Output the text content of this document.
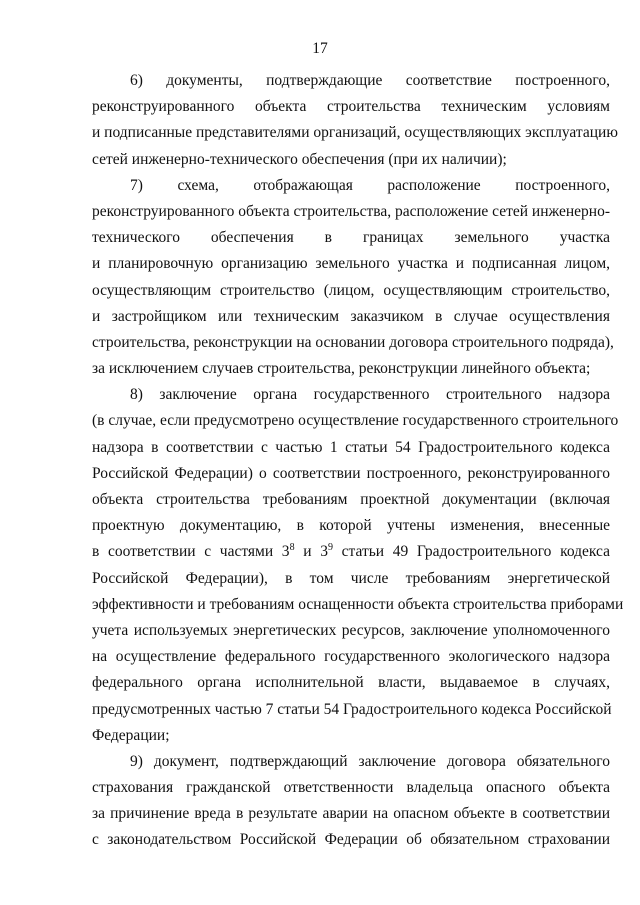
17
6) документы, подтверждающие соответствие построенного,
реконструированного объекта строительства техническим условиям
и подписанные представителями организаций, осуществляющих эксплуатацию
сетей инженерно-технического обеспечения (при их наличии);
7) схема, отображающая расположение построенного,
реконструированного объекта строительства, расположение сетей инженерно-
технического обеспечения в границах земельного участка
и планировочную организацию земельного участка и подписанная лицом,
осуществляющим строительство (лицом, осуществляющим строительство,
и застройщиком или техническим заказчиком в случае осуществления
строительства, реконструкции на основании договора строительного подряда),
за исключением случаев строительства, реконструкции линейного объекта;
8) заключение органа государственного строительного надзора
(в случае, если предусмотрено осуществление государственного строительного
надзора в соответствии с частью 1 статьи 54 Градостроительного кодекса
Российской Федерации) о соответствии построенного, реконструированного
объекта строительства требованиям проектной документации (включая
проектную документацию, в которой учтены изменения, внесенные
в соответствии с частями $3^8$ и $3^9$ статьи 49 Градостроительного кодекса
Российской Федерации), в том числе требованиям энергетической
эффективности и требованиям оснащенности объекта строительства приборами
учета используемых энергетических ресурсов, заключение уполномоченного
на осуществление федерального государственного экологического надзора
федерального органа исполнительной власти, выдаваемое в случаях,
предусмотренных частью 7 статьи 54 Градостроительного кодекса Российской
Федерации;
9) документ, подтверждающий заключение договора обязательного
страхования гражданской ответственности владельца опасного объекта
за причинение вреда в результате аварии на опасном объекте в соответствии
с законодательством Российской Федерации об обязательном страховании
